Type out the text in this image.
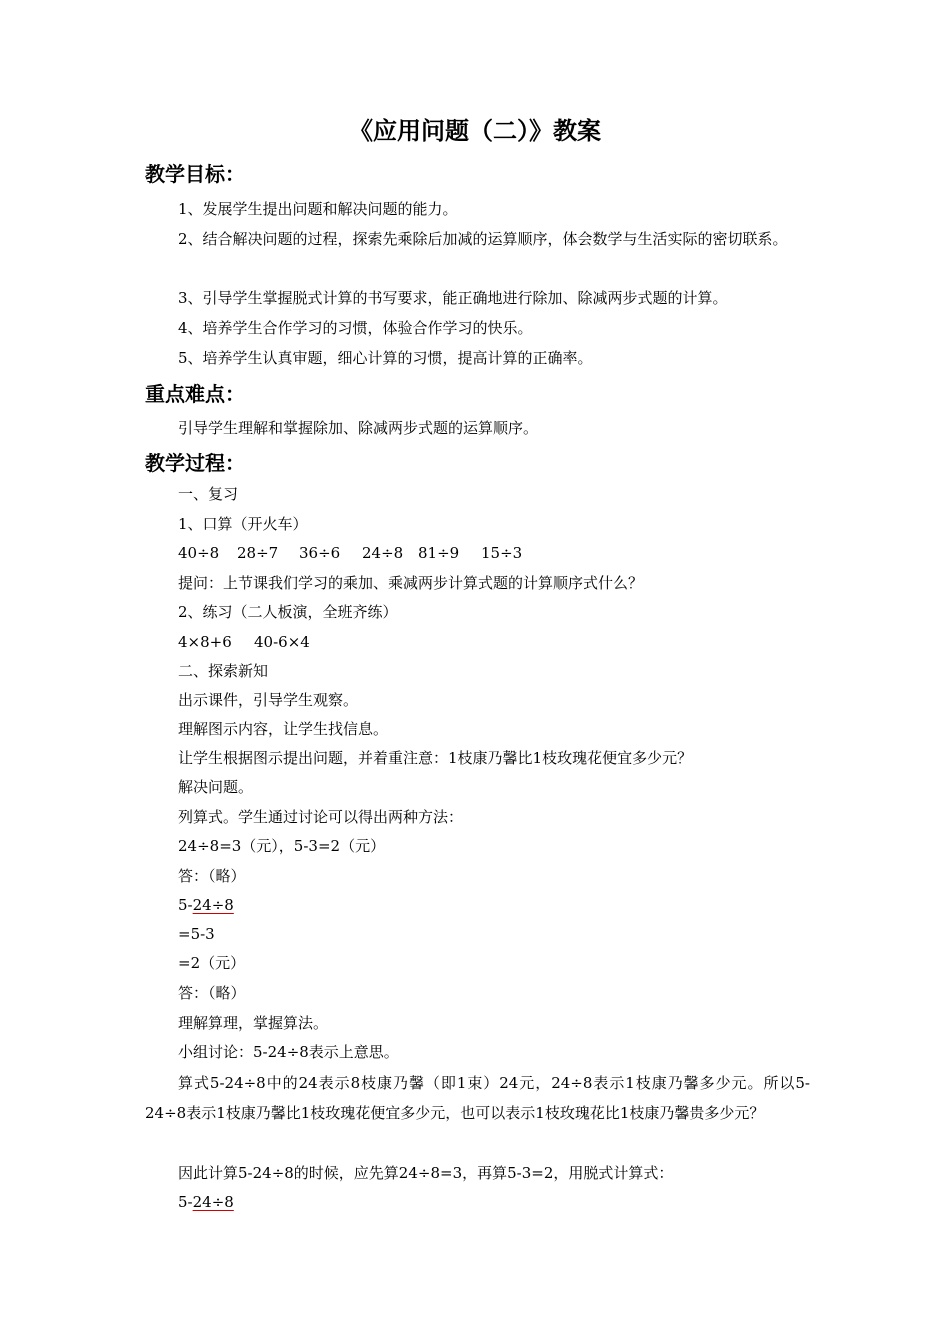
《应用问题（二）》教案
教学目标：
1、发展学生提出问题和解决问题的能力。
2、结合解决问题的过程，探索先乘除后加减的运算顺序，体会数学与生活实际的密切联系。
3、引导学生掌握脱式计算的书写要求，能正确地进行除加、除减两步式题的计算。
4、培养学生合作学习的习惯，体验合作学习的快乐。
5、培养学生认真审题，细心计算的习惯，提高计算的正确率。
重点难点：
引导学生理解和掌握除加、除减两步式题的运算顺序。
教学过程：
一、复习
1、口算（开火车）
40÷8 28÷7 36÷6 24÷8 81÷9 15÷3
提问：上节课我们学习的乘加、乘减两步计算式题的计算顺序式什么？
2、练习（二人板演，全班齐练）
4×8+6 40-6×4
二、探索新知
出示课件，引导学生观察。
理解图示内容，让学生找信息。
让学生根据图示提出问题，并着重注意：1枝康乃馨比1枝玫瑰花便宜多少元？
解决问题。
列算式。学生通过讨论可以得出两种方法：
24÷8=3（元），5-3=2（元）
答：（略）
5-24÷8
=5-3
=2（元）
答：（略）
理解算理，掌握算法。
小组讨论：5-24÷8表示上意思。
算式5-24÷8中的24表示8枝康乃馨（即1束）24元，24÷8表示1枝康乃馨多少元。所以5-24÷8表示1枝康乃馨比1枝玫瑰花便宜多少元，也可以表示1枝玫瑰花比1枝康乃馨贵多少元？
因此计算5-24÷8的时候，应先算24÷8=3，再算5-3=2，用脱式计算式：
5-24÷8
